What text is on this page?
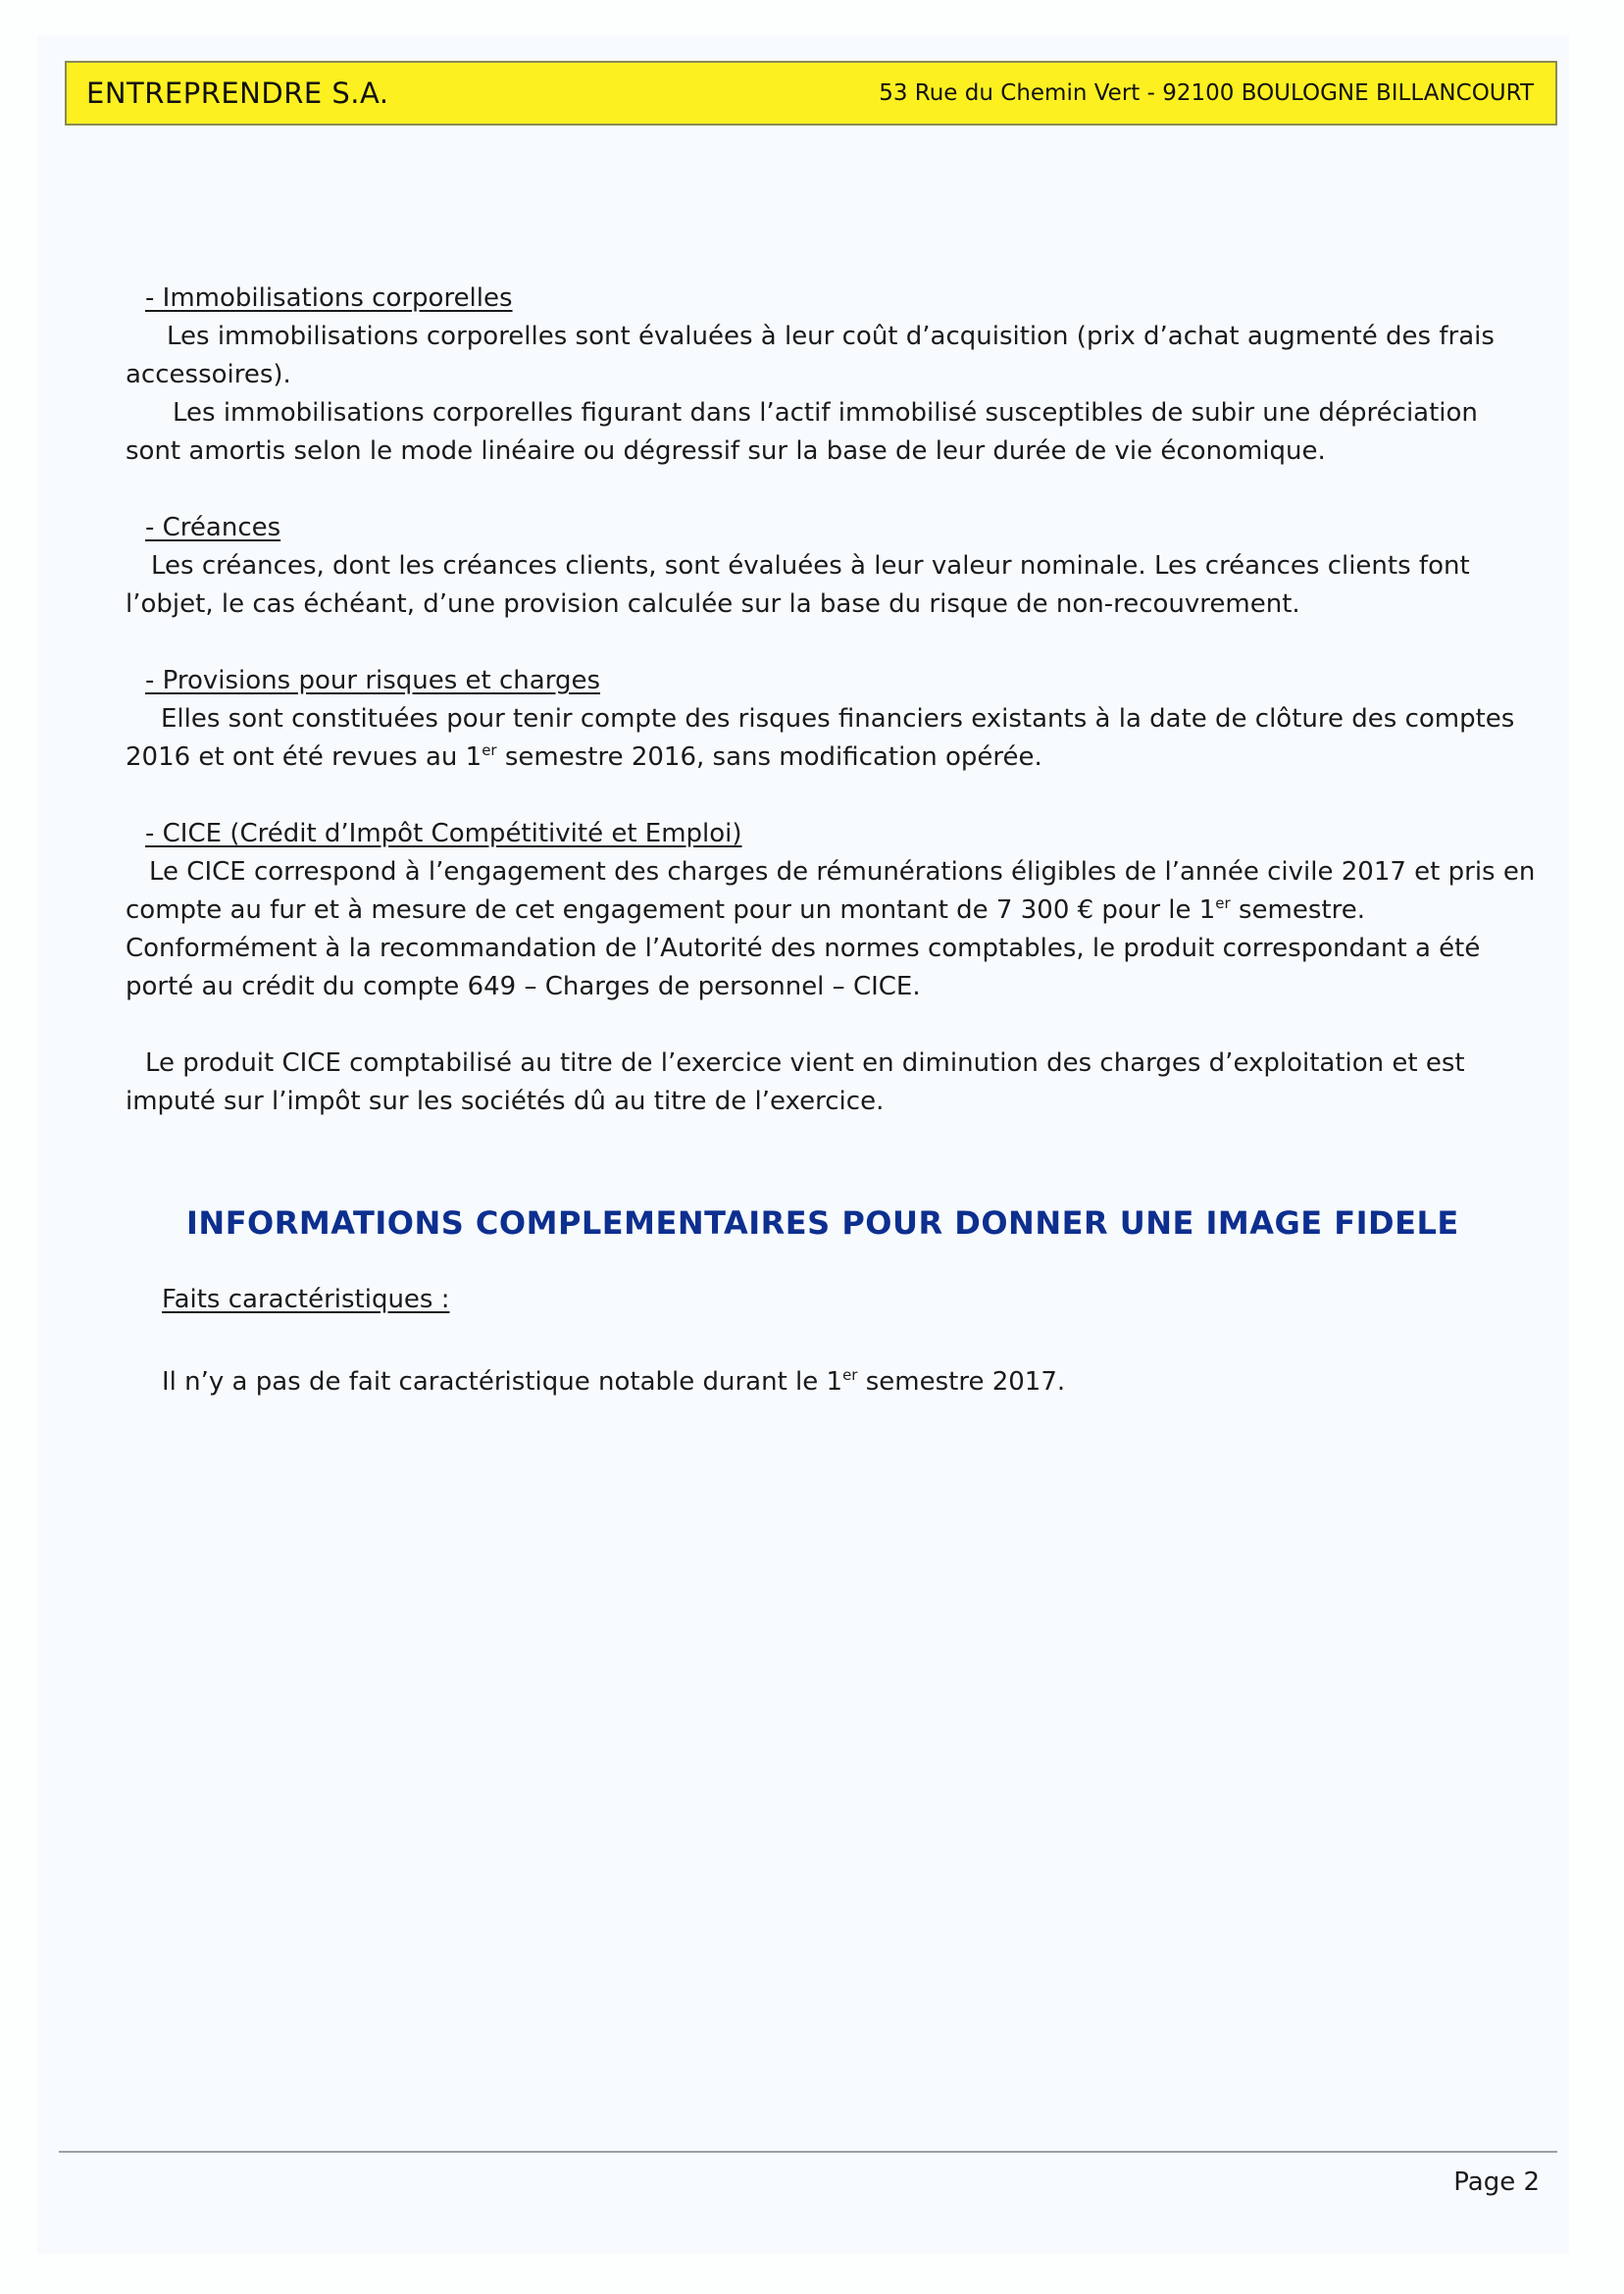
ENTREPRENDRE S.A.	53 Rue du Chemin Vert - 92100 BOULOGNE BILLANCOURT
- Immobilisations corporelles

Les immobilisations corporelles sont évaluées à leur coût d’acquisition (prix d’achat augmenté des frais accessoires).

Les immobilisations corporelles figurant dans l’actif immobilisé susceptibles de subir une dépréciation sont amortis selon le mode linéaire ou dégressif sur la base de leur durée de vie économique.

- Créances

Les créances, dont les créances clients, sont évaluées à leur valeur nominale. Les créances clients font l’objet, le cas échéant, d’une provision calculée sur la base du risque de non-recouvrement.

- Provisions pour risques et charges

Elles sont constituées pour tenir compte des risques financiers existants à la date de clôture des comptes 2016 et ont été revues au 1er semestre 2016, sans modification opérée.

- CICE (Crédit d’Impôt Compétitivité et Emploi)

Le CICE correspond à l’engagement des charges de rémunérations éligibles de l’année civile 2017 et pris en compte au fur et à mesure de cet engagement pour un montant de 7 300 € pour le 1er semestre. Conformément à la recommandation de l’Autorité des normes comptables, le produit correspondant a été porté au crédit du compte 649 – Charges de personnel – CICE.

Le produit CICE comptabilisé au titre de l’exercice vient en diminution des charges d’exploitation et est imputé sur l’impôt sur les sociétés dû au titre de l’exercice.

INFORMATIONS COMPLEMENTAIRES POUR DONNER UNE IMAGE FIDELE
Faits caractéristiques :
Il n’y a pas de fait caractéristique notable durant le 1er semestre 2017.
Page 2
